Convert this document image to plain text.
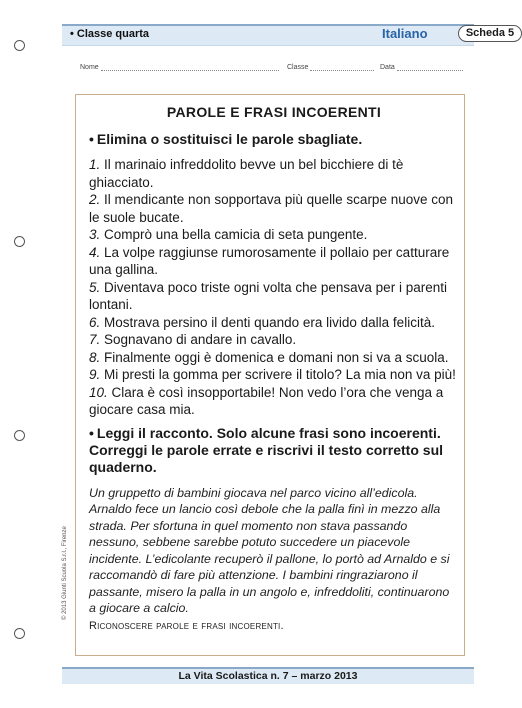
• Classe quarta	Italiano	Scheda 5
Nome	Classe	Data
PAROLE E FRASI INCOERENTI

• Elimina o sostituisci le parole sbagliate.

1. Il marinaio infreddolito bevve un bel bicchiere di tè ghiacciato.
2. Il mendicante non sopportava più quelle scarpe nuove con le suole bucate.
3. Comprò una bella camicia di seta pungente.
4. La volpe raggiunse rumorosamente il pollaio per catturare una gallina.
5. Diventava poco triste ogni volta che pensava per i parenti lontani.
6. Mostrava persino il denti quando era livido dalla felicità.
7. Sognavano di andare in cavallo.
8. Finalmente oggi è domenica e domani non si va a scuola.
9. Mi presti la gomma per scrivere il titolo? La mia non va più!
10. Clara è così insopportabile! Non vedo l’ora che venga a giocare casa mia.

• Leggi il racconto. Solo alcune frasi sono incoerenti. Correggi le parole errate e riscrivi il testo corretto sul quaderno.

Un gruppetto di bambini giocava nel parco vicino all’edicola. Arnaldo fece un lancio così debole che la palla finì in mezzo alla strada. Per sfortuna in quel momento non stava passando nessuno, sebbene sarebbe potuto succedere un piacevole incidente. L’edicolante recuperò il pallone, lo portò ad Arnaldo e si raccomandò di fare più attenzione. I bambini ringraziarono il passante, misero la palla in un angolo e, infreddoliti, continuarono a giocare a calcio.
Riconoscere parole e frasi incoerenti.
© 2013 Giunti Scuola S.r.l., Firenze
La Vita Scolastica n. 7 – marzo 2013
